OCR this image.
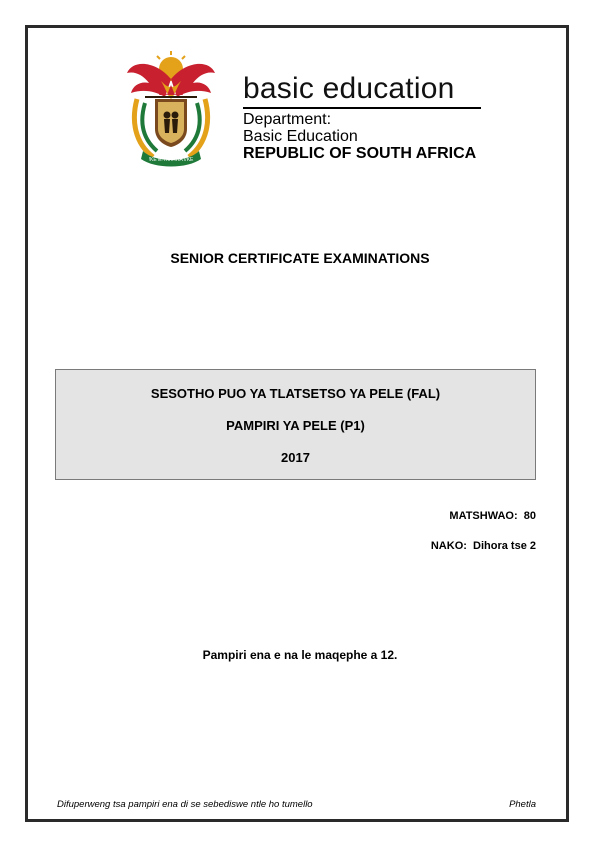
!KE E: /XARRA //KE
basic education
Department:
Basic Education
REPUBLIC OF SOUTH AFRICA
SENIOR CERTIFICATE EXAMINATIONS
SESOTHO PUO YA TLATSETSO YA PELE (FAL)
PAMPIRI YA PELE (P1)
2017
MATSHWAO:  80
NAKO:  Dihora tse 2
Pampiri ena e na le maqephe a 12.
Difuperweng tsa pampiri ena di se sebediswe ntle ho tumello	Phetla
